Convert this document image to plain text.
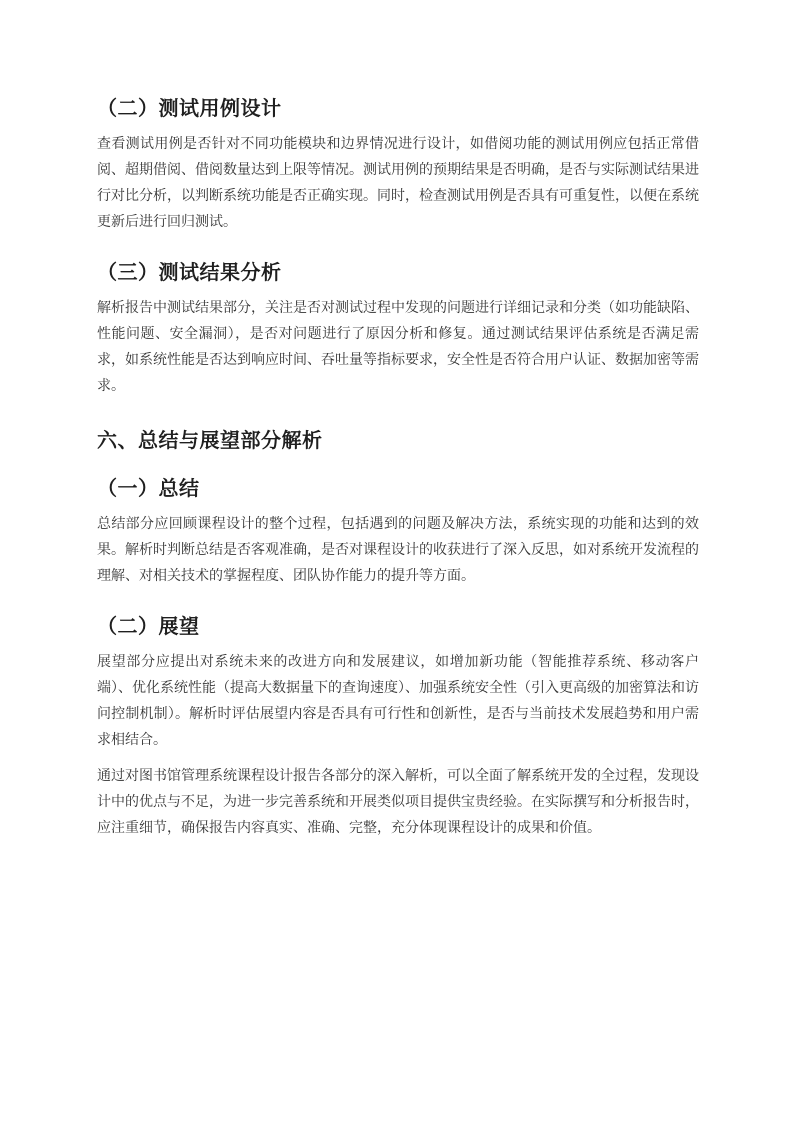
（二）测试用例设计

查看测试用例是否针对不同功能模块和边界情况进行设计，如借阅功能的测试用例应包括正常借阅、超期借阅、借阅数量达到上限等情况。测试用例的预期结果是否明确，是否与实际测试结果进行对比分析，以判断系统功能是否正确实现。同时，检查测试用例是否具有可重复性，以便在系统更新后进行回归测试。

（三）测试结果分析

解析报告中测试结果部分，关注是否对测试过程中发现的问题进行详细记录和分类（如功能缺陷、性能问题、安全漏洞），是否对问题进行了原因分析和修复。通过测试结果评估系统是否满足需求，如系统性能是否达到响应时间、吞吐量等指标要求，安全性是否符合用户认证、数据加密等需求。

六、总结与展望部分解析
（一）总结

总结部分应回顾课程设计的整个过程，包括遇到的问题及解决方法，系统实现的功能和达到的效果。解析时判断总结是否客观准确，是否对课程设计的收获进行了深入反思，如对系统开发流程的理解、对相关技术的掌握程度、团队协作能力的提升等方面。

（二）展望

展望部分应提出对系统未来的改进方向和发展建议，如增加新功能（智能推荐系统、移动客户端）、优化系统性能（提高大数据量下的查询速度）、加强系统安全性（引入更高级的加密算法和访问控制机制）。解析时评估展望内容是否具有可行性和创新性，是否与当前技术发展趋势和用户需求相结合。

通过对图书馆管理系统课程设计报告各部分的深入解析，可以全面了解系统开发的全过程，发现设计中的优点与不足，为进一步完善系统和开展类似项目提供宝贵经验。在实际撰写和分析报告时，应注重细节，确保报告内容真实、准确、完整，充分体现课程设计的成果和价值。
